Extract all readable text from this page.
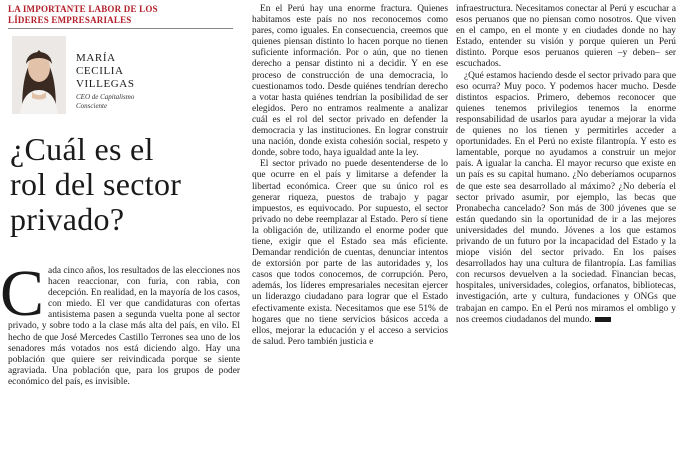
LA IMPORTANTE LABOR DE LOS
LÍDERES EMPRESARIALES
MARÍA
CECILIA
VILLEGAS
CEO de Capitalismo
Consciente
¿Cuál es el
rol del sector
privado?

Cada cinco años, los resultados de las elecciones nos hacen reaccionar, con furia, con rabia, con decepción. En realidad, en la mayoría de los casos, con miedo. El ver que candidaturas con ofertas antisistema pasen a segunda vuelta pone al sector privado, y sobre todo a la clase más alta del país, en vilo. El hecho de que José Mercedes Castillo Terrones sea uno de los senadores más votados nos está diciendo algo. Hay una población que quiere ser reivindicada porque se siente agraviada. Una población que, para los grupos de poder económico del país, es invisible.

En el Perú hay una enorme fractura. Quienes habitamos este país no nos reconocemos como pares, como iguales. En consecuencia, creemos que quienes piensan distinto lo hacen porque no tienen suficiente información. Por o aún, que no tienen derecho a pensar distinto ni a decidir. Y en ese proceso de construcción de una democracia, lo cuestionamos todo. Desde quiénes tendrían derecho a votar hasta quiénes tendrían la posibilidad de ser elegidos. Pero no entramos realmente a analizar cuál es el rol del sector privado en defender la democracia y las instituciones. En lograr construir una nación, donde exista cohesión social, respeto y donde, sobre todo, haya igualdad ante la ley.

El sector privado no puede desentenderse de lo que ocurre en el país y limitarse a defender la libertad económica. Creer que su único rol es generar riqueza, puestos de trabajo y pagar impuestos, es equivocado. Por supuesto, el sector privado no debe reemplazar al Estado. Pero sí tiene la obligación de, utilizando el enorme poder que tiene, exigir que el Estado sea más eficiente. Demandar rendición de cuentas, denunciar intentos de extorsión por parte de las autoridades y, los casos que todos conocemos, de corrupción. Pero, además, los líderes empresariales necesitan ejercer un liderazgo ciudadano para lograr que el Estado efectivamente exista. Necesitamos que ese 51% de hogares que no tiene servicios básicos acceda a ellos, mejorar la educación y el acceso a servicios de salud. Pero también justicia e

infraestructura. Necesitamos conectar al Perú y escuchar a esos peruanos que no piensan como nosotros. Que viven en el campo, en el monte y en ciudades donde no hay Estado, entender su visión y porque quieren un Perú distinto. Porque esos peruanos quieren –y deben– ser escuchados.

¿Qué estamos haciendo desde el sector privado para que eso ocurra? Muy poco. Y podemos hacer mucho. Desde distintos espacios. Primero, debemos reconocer que quienes tenemos privilegios tenemos la enorme responsabilidad de usarlos para ayudar a mejorar la vida de quienes no los tienen y permitirles acceder a oportunidades. En el Perú no existe filantropía. Y esto es lamentable, porque no ayudamos a construir un mejor país. A igualar la cancha. El mayor recurso que existe en un país es su capital humano. ¿No deberíamos ocuparnos de que este sea desarrollado al máximo? ¿No debería el sector privado asumir, por ejemplo, las becas que Pronabecha cancelado? Son más de 300 jóvenes que se están quedando sin la oportunidad de ir a las mejores universidades del mundo. Jóvenes a los que estamos privando de un futuro por la incapacidad del Estado y la miope visión del sector privado. En los países desarrollados hay una cultura de filantropía. Las familias con recursos devuelven a la sociedad. Financian becas, hospitales, universidades, colegios, orfanatos, bibliotecas, investigación, arte y cultura, fundaciones y ONGs que trabajan en campo. En el Perú nos miramos el ombligo y nos creemos ciudadanos del mundo.
